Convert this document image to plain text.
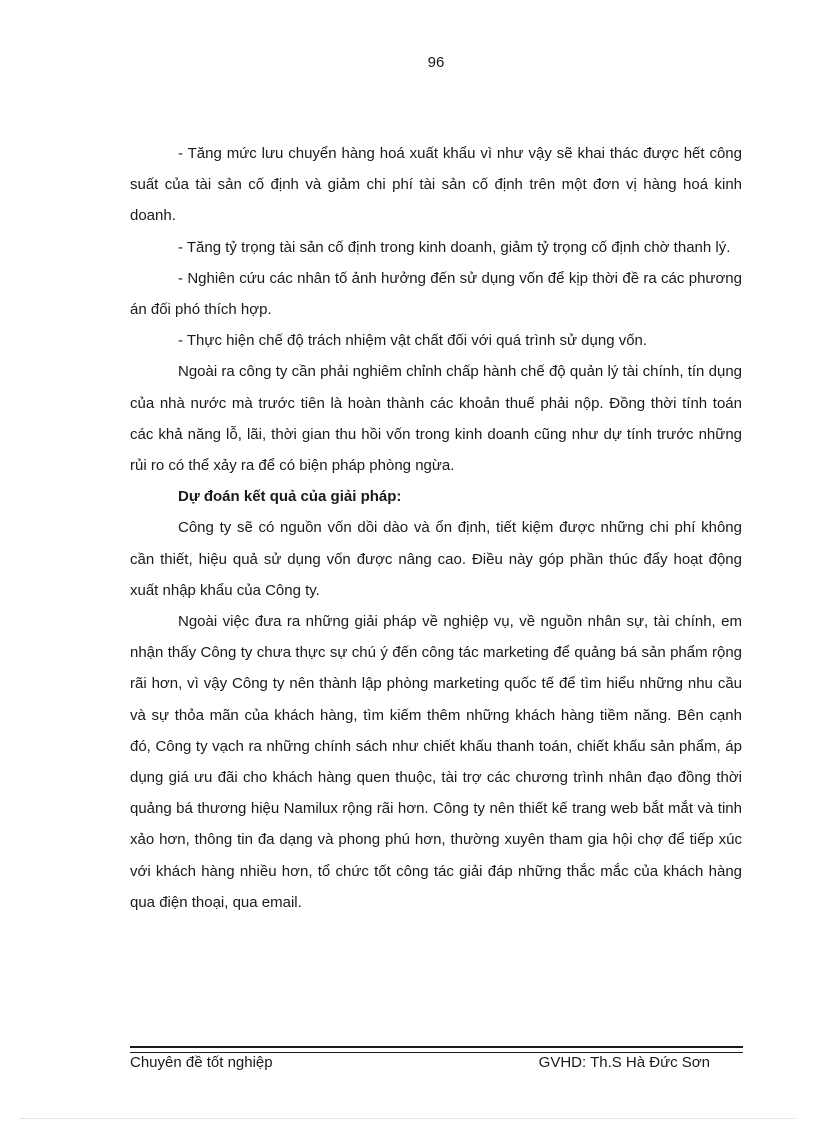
96

- Tăng mức lưu chuyển hàng hoá xuất khẩu vì như vậy sẽ khai thác được hết công suất của tài sản cố định và giảm chi phí tài sản cố định trên một đơn vị hàng hoá kinh doanh.

- Tăng tỷ trọng tài sản cố định trong kinh doanh, giảm tỷ trọng cố định chờ thanh lý.

- Nghiên cứu các nhân tố ảnh hưởng đến sử dụng vốn để kịp thời đề ra các phương án đối phó thích hợp.

- Thực hiện chế độ trách nhiệm vật chất đối với quá trình sử dụng vốn.

Ngoài ra công ty cần phải nghiêm chỉnh chấp hành chế độ quản lý tài chính, tín dụng của nhà nước mà trước tiên là hoàn thành các khoản thuế phải nộp. Đồng thời tính toán các khả năng lỗ, lãi, thời gian thu hồi vốn trong kinh doanh cũng như dự tính trước những rủi ro có thể xảy ra để có biện pháp phòng ngừa.

Dự đoán kết quả của giải pháp:

Công ty sẽ có nguồn vốn dồi dào và ổn định, tiết kiệm được những chi phí không cần thiết, hiệu quả sử dụng vốn được nâng cao. Điều này góp phần thúc đẩy hoạt động xuất nhập khẩu của Công ty.

Ngoài việc đưa ra những giải pháp về nghiệp vụ, về nguồn nhân sự, tài chính, em nhận thấy Công ty chưa thực sự chú ý đến công tác marketing để quảng bá sản phẩm rộng rãi hơn, vì vậy Công ty nên thành lập phòng marketing quốc tế để tìm hiểu những nhu cầu và sự thỏa mãn của khách hàng, tìm kiếm thêm những khách hàng tiềm năng. Bên cạnh đó, Công ty vạch ra những chính sách như chiết khấu thanh toán, chiết khấu sản phẩm, áp dụng giá ưu đãi cho khách hàng quen thuộc, tài trợ các chương trình nhân đạo đồng thời quảng bá thương hiệu Namilux rộng rãi hơn. Công ty nên thiết kế trang web bắt mắt và tinh xảo hơn, thông tin đa dạng và phong phú hơn, thường xuyên tham gia hội chợ để tiếp xúc với khách hàng nhiều hơn, tổ chức tốt công tác giải đáp những thắc mắc của khách hàng qua điện thoại, qua email.

Chuyên đề tốt nghiệp	GVHD: Th.S Hà Đức Sơn
